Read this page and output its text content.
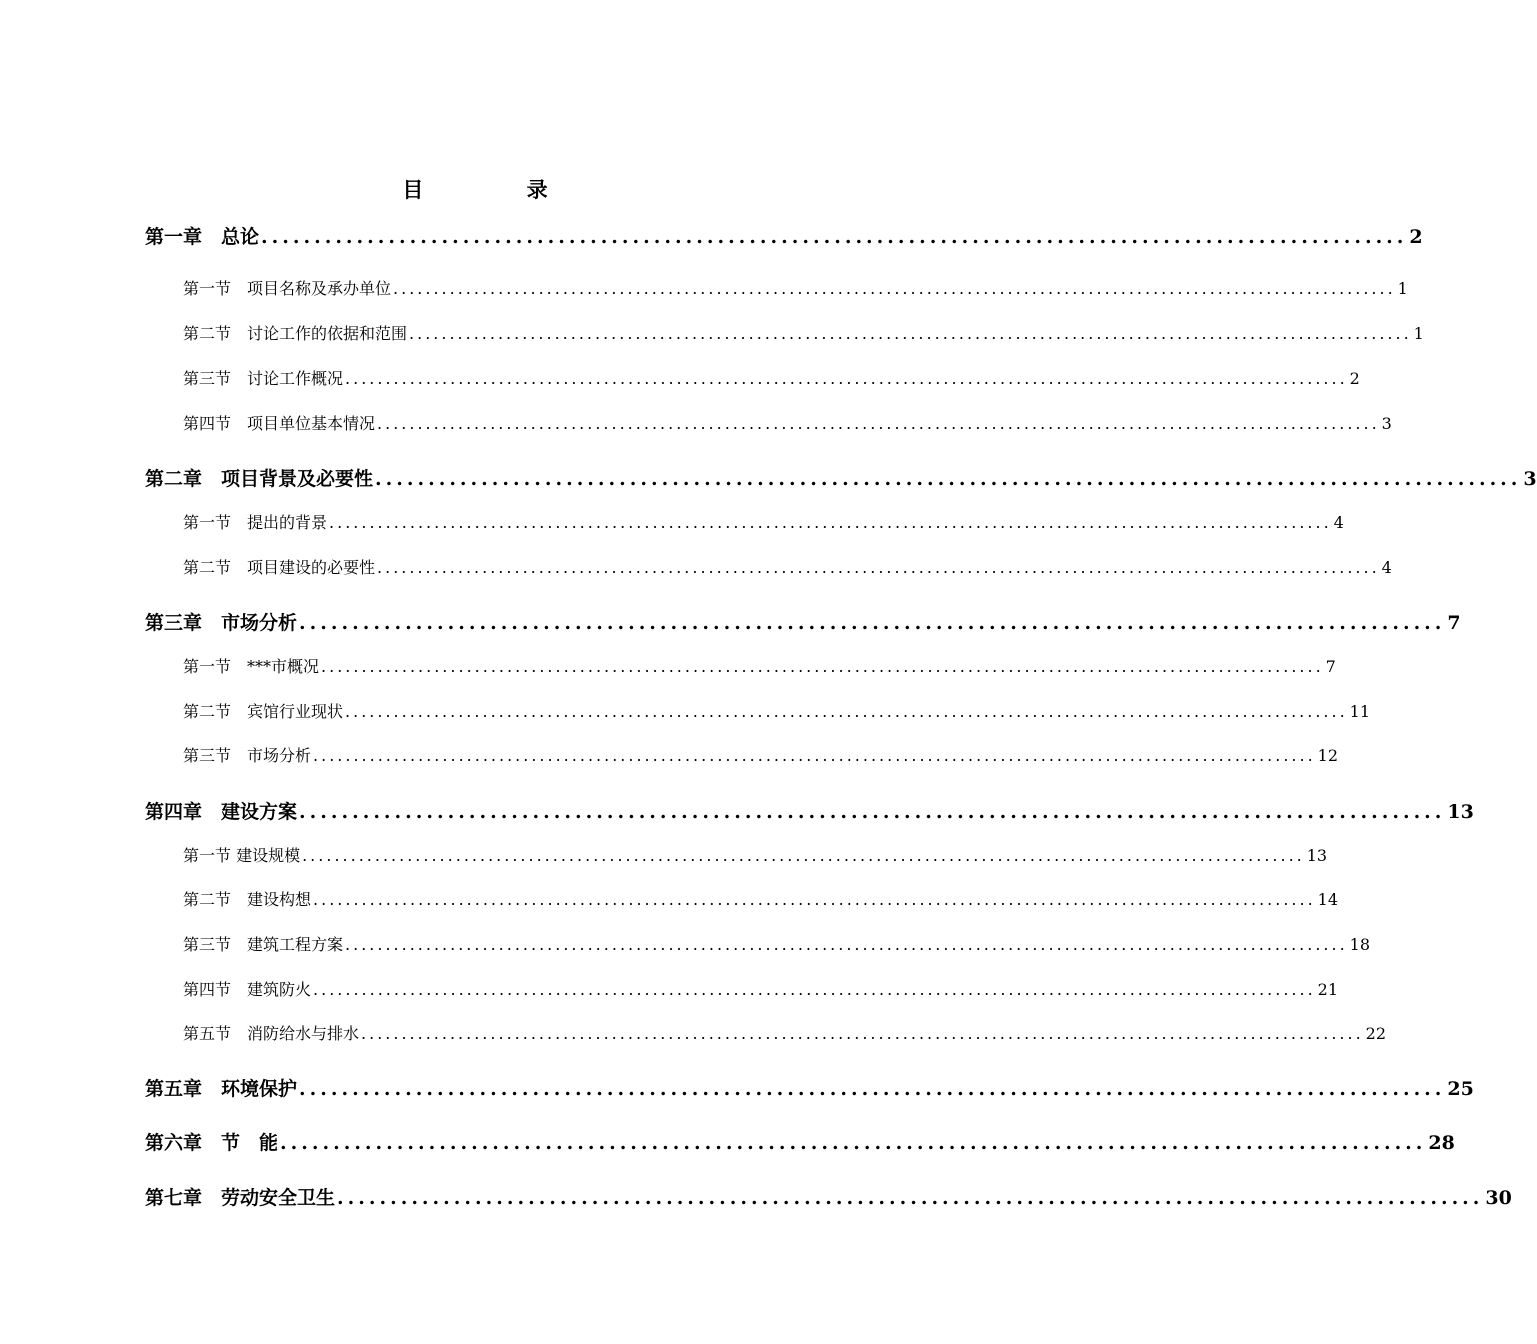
目 录
第一章　总论 ............................................................................................................ 2
第一节　项目名称及承办单位 ............................................................................................................................ 1
第二节　讨论工作的依据和范围 ............................................................................................................................ 1
第三节　讨论工作概况 ............................................................................................................................ 2
第四节　项目单位基本情况 ............................................................................................................................ 3
第二章　项目背景及必要性 ............................................................................................................ 3
第一节　提出的背景 ............................................................................................................................ 4
第二节　项目建设的必要性 ............................................................................................................................ 4
第三章　市场分析 ............................................................................................................ 7
第一节　***市概况 ............................................................................................................................ 7
第二节　宾馆行业现状 ............................................................................................................................ 11
第三节　市场分析 ............................................................................................................................ 12
第四章　建设方案 ............................................................................................................ 13
第一节 建设规模 ............................................................................................................................ 13
第二节　建设构想 ............................................................................................................................ 14
第三节　建筑工程方案 ............................................................................................................................ 18
第四节　建筑防火 ............................................................................................................................ 21
第五节　消防给水与排水 ............................................................................................................................ 22
第五章　环境保护 ............................................................................................................ 25
第六章　节　能 ............................................................................................................ 28
第七章　劳动安全卫生 ............................................................................................................ 30
